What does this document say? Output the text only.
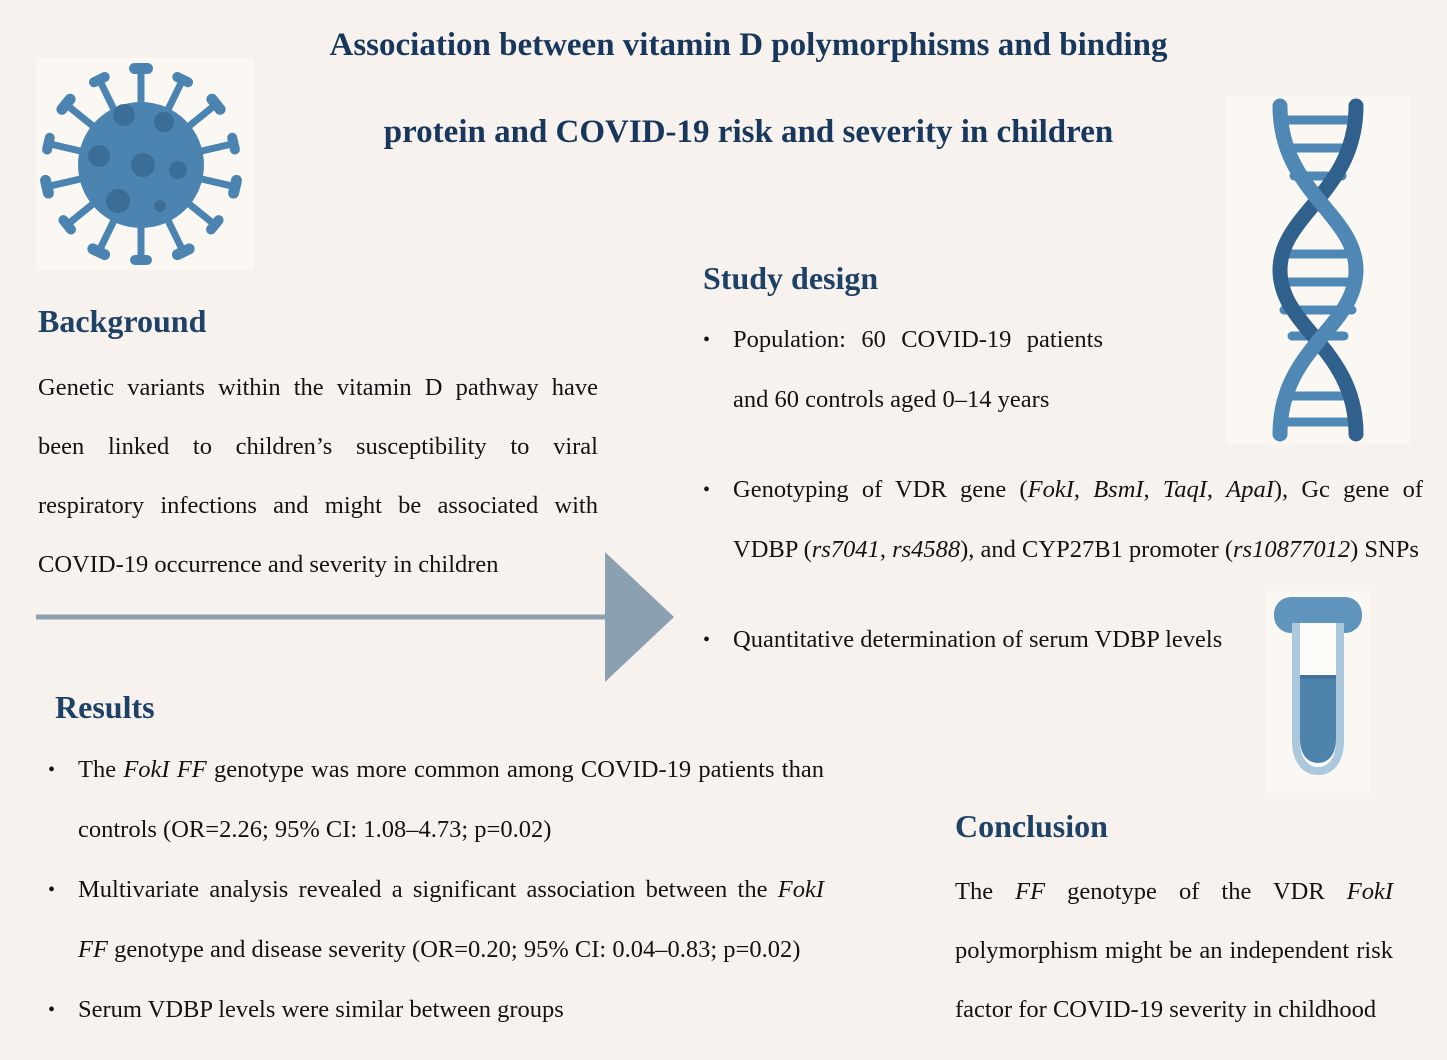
Association between vitamin D polymorphisms and binding
protein and COVID-19 risk and severity in children
Background
Genetic variants within the vitamin D pathway have been linked to children’s susceptibility to viral respiratory infections and might be associated with COVID-19 occurrence and severity in children
Study design
• Population: 60 COVID-19 patients and 60 controls aged 0–14 years
• Genotyping of VDR gene (FokI, BsmI, TaqI, ApaI), Gc gene of VDBP (rs7041, rs4588), and CYP27B1 promoter (rs10877012) SNPs
• Quantitative determination of serum VDBP levels
Results
• The FokI FF genotype was more common among COVID-19 patients than controls (OR=2.26; 95% CI: 1.08–4.73; p=0.02)
• Multivariate analysis revealed a significant association between the FokI FF genotype and disease severity (OR=0.20; 95% CI: 0.04–0.83; p=0.02)
• Serum VDBP levels were similar between groups
Conclusion
The FF genotype of the VDR FokI polymorphism might be an independent risk factor for COVID-19 severity in childhood
